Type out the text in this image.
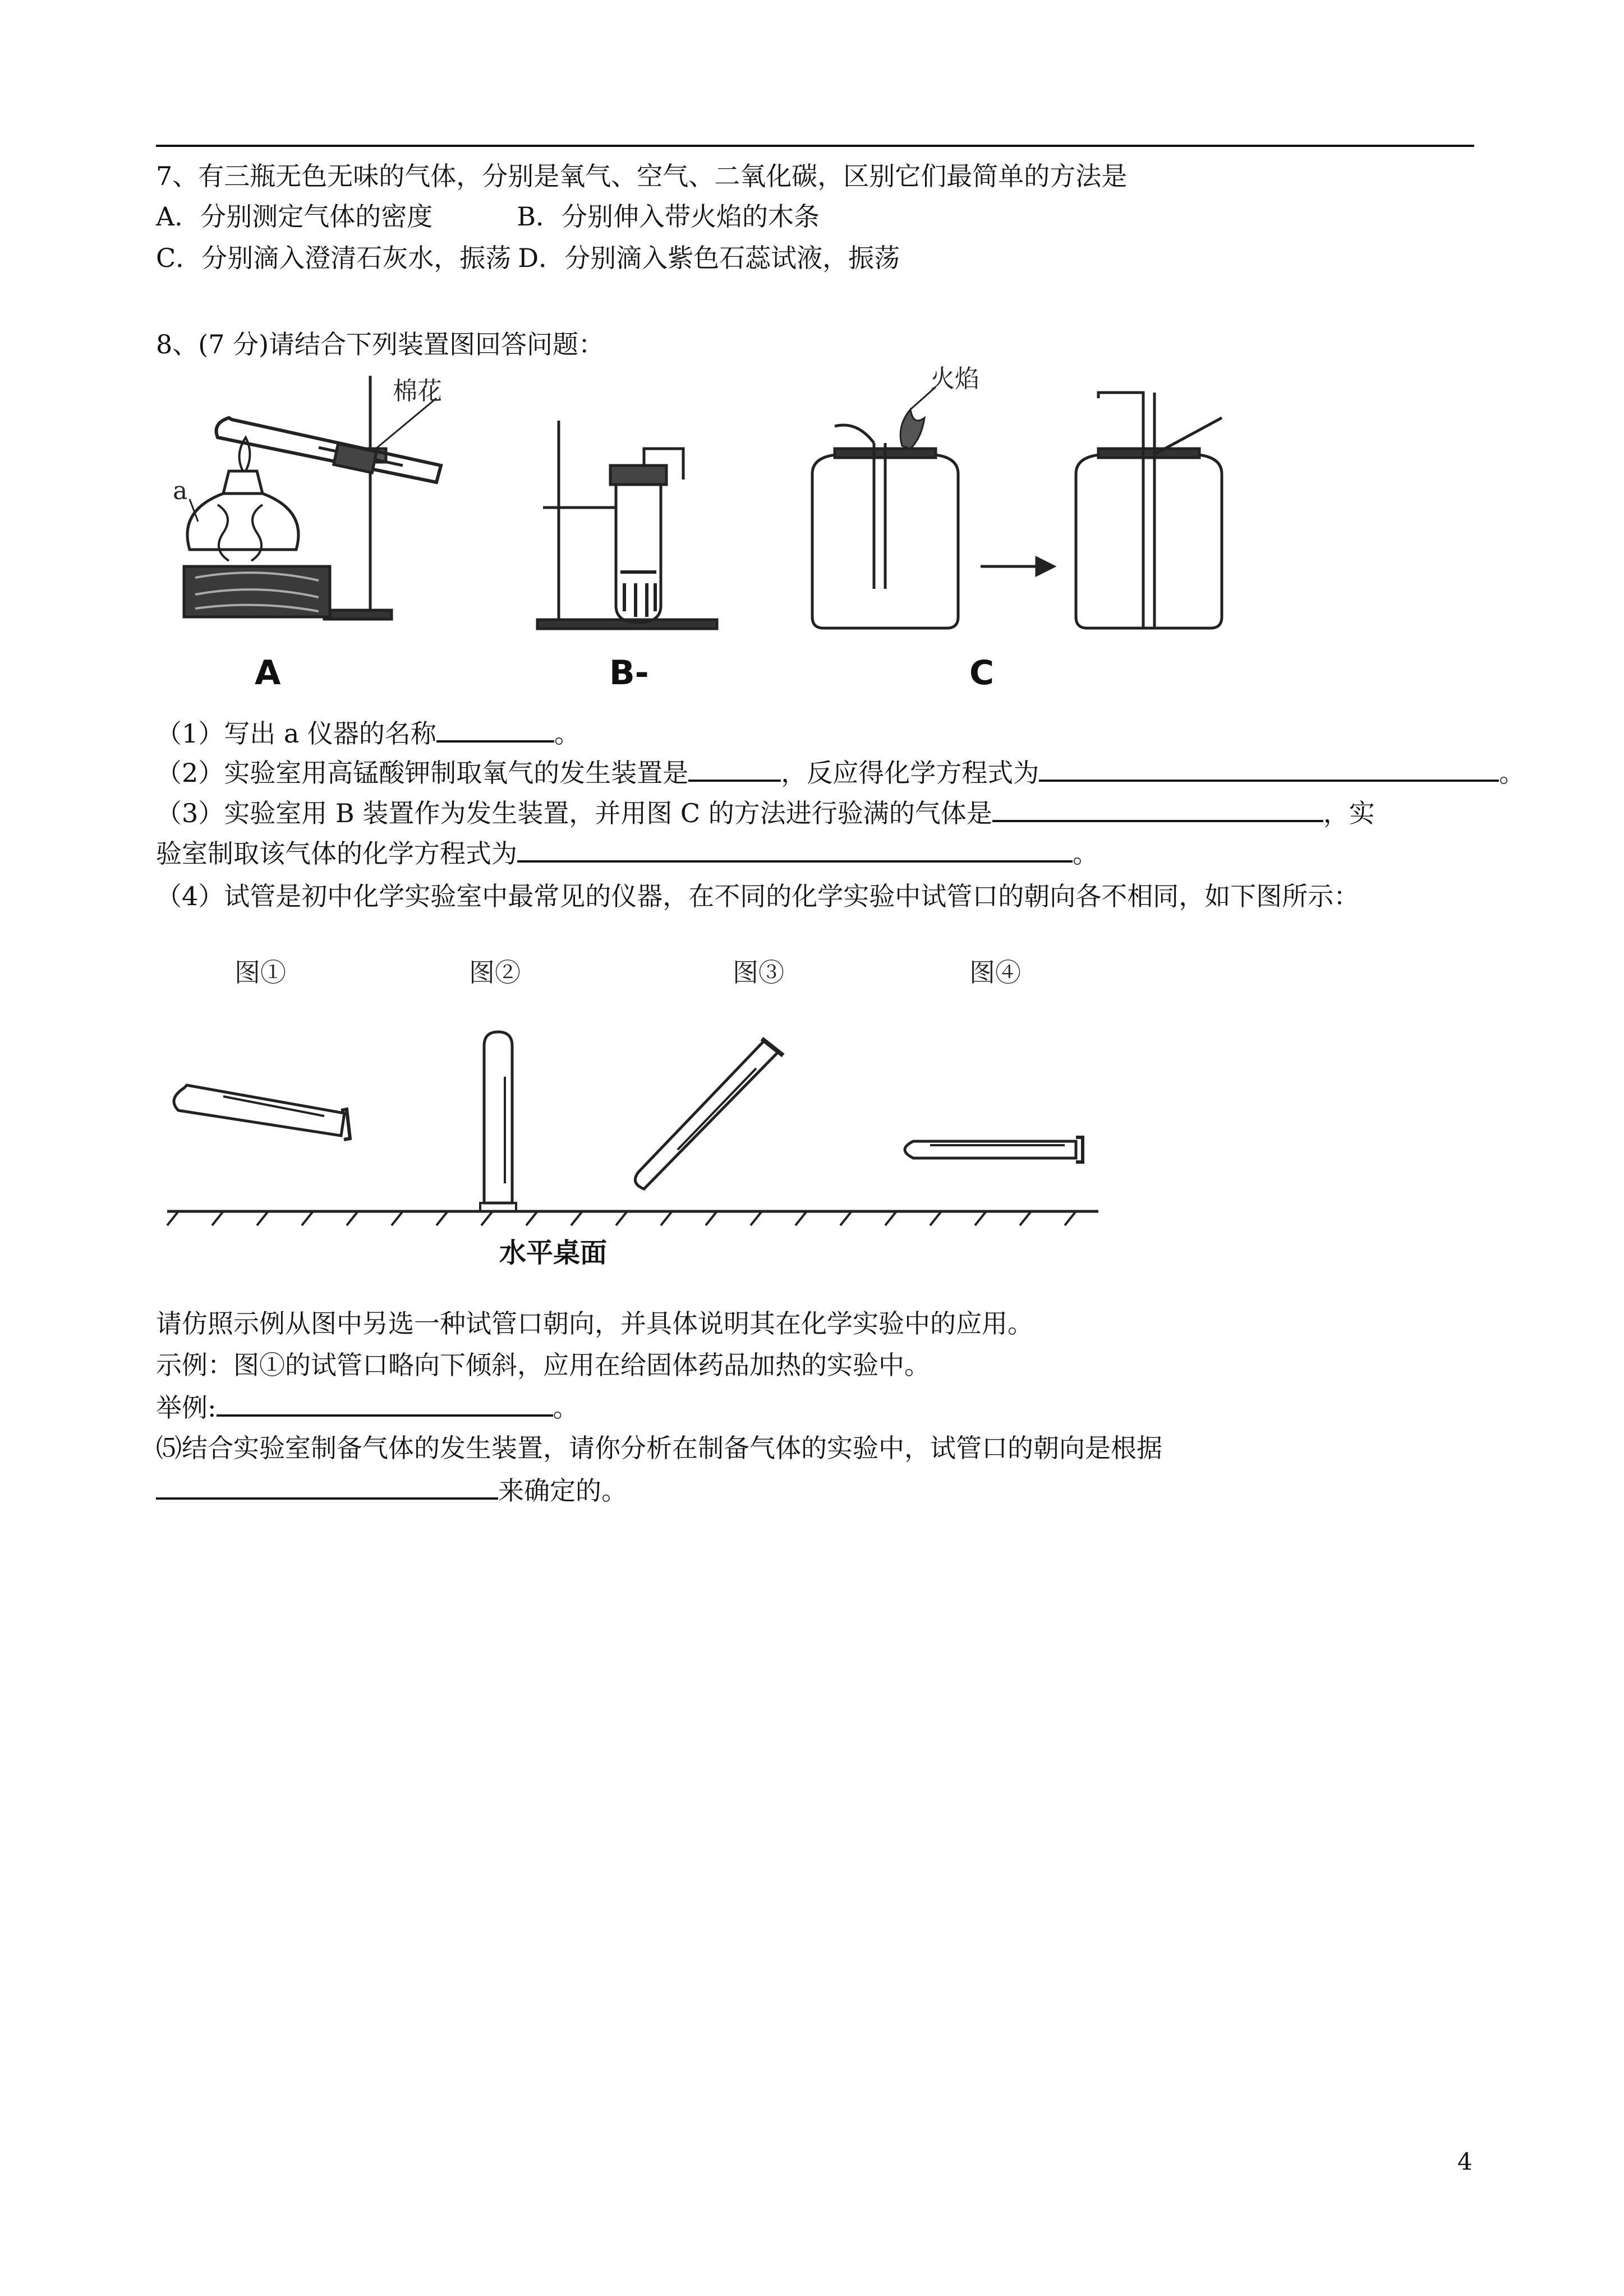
7、有三瓶无色无味的气体，分别是氧气、空气、二氧化碳，区别它们最简单的方法是
A．分别测定气体的密度	B．分别伸入带火焰的木条
C．分别滴入澄清石灰水，振荡 D．分别滴入紫色石蕊试液，振荡
8、(7 分)请结合下列装置图回答问题：
棉花
a
A	B-
火焰
C
（1）写出 a 仪器的名称	。
（2）实验室用高锰酸钾制取氧气的发生装置是	，反应得化学方程式为	。
（3）实验室用 B 装置作为发生装置，并用图 C 的方法进行验满的气体是	，实
验室制取该气体的化学方程式为	。
（4）试管是初中化学实验室中最常见的仪器，在不同的化学实验中试管口的朝向各不相同，如下图所示：
图①	图②	图③	图④
水平桌面
请仿照示例从图中另选一种试管口朝向，并具体说明其在化学实验中的应用。
示例：图①的试管口略向下倾斜，应用在给固体药品加热的实验中。
举例:	。
⑸结合实验室制备气体的发生装置，请你分析在制备气体的实验中，试管口的朝向是根据
来确定的。
4
